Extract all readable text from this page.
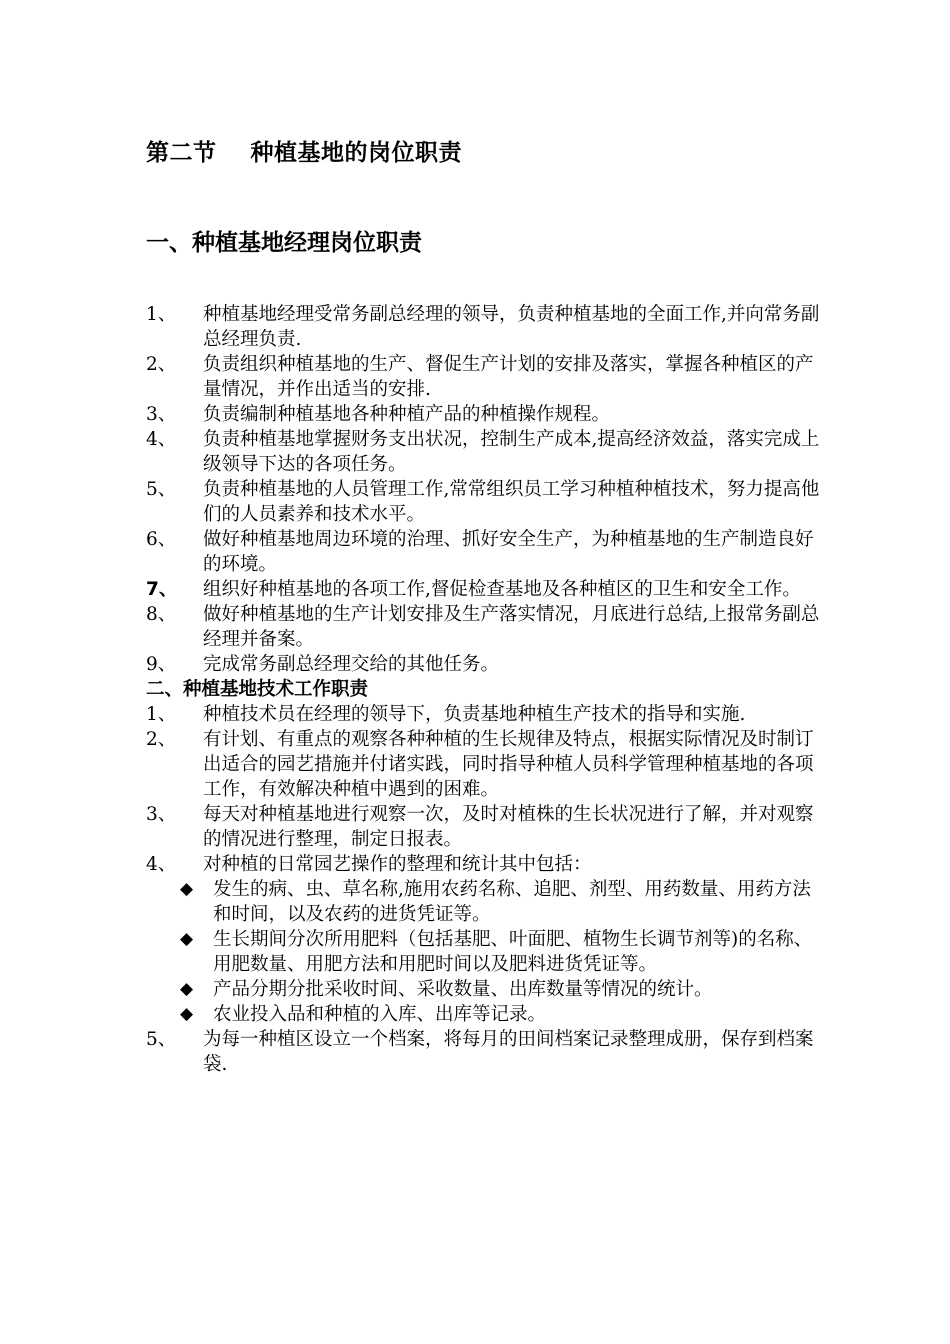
第二节    种植基地的岗位职责
一、种植基地经理岗位职责
1、 种植基地经理受常务副总经理的领导，负责种植基地的全面工作,并向常务副总经理负责.
2、 负责组织种植基地的生产、督促生产计划的安排及落实，掌握各种植区的产量情况，并作出适当的安排.
3、 负责编制种植基地各种种植产品的种植操作规程。
4、 负责种植基地掌握财务支出状况，控制生产成本,提高经济效益，落实完成上级领导下达的各项任务。
5、 负责种植基地的人员管理工作,常常组织员工学习种植种植技术，努力提高他们的人员素养和技术水平。
6、 做好种植基地周边环境的治理、抓好安全生产，为种植基地的生产制造良好的环境。
7、 组织好种植基地的各项工作,督促检查基地及各种植区的卫生和安全工作。
8、 做好种植基地的生产计划安排及生产落实情况，月底进行总结,上报常务副总经理并备案。
9、 完成常务副总经理交给的其他任务。
二、种植基地技术工作职责
1、 种植技术员在经理的领导下，负责基地种植生产技术的指导和实施.
2、 有计划、有重点的观察各种种植的生长规律及特点，根据实际情况及时制订出适合的园艺措施并付诸实践，同时指导种植人员科学管理种植基地的各项工作，有效解决种植中遇到的困难。
3、 每天对种植基地进行观察一次，及时对植株的生长状况进行了解，并对观察的情况进行整理，制定日报表。
4、 对种植的日常园艺操作的整理和统计其中包括：
◆ 发生的病、虫、草名称,施用农药名称、追肥、剂型、用药数量、用药方法和时间，以及农药的进货凭证等。
◆ 生长期间分次所用肥料（包括基肥、叶面肥、植物生长调节剂等)的名称、用肥数量、用肥方法和用肥时间以及肥料进货凭证等。
◆ 产品分期分批采收时间、采收数量、出库数量等情况的统计。
◆ 农业投入品和种植的入库、出库等记录。
5、 为每一种植区设立一个档案，将每月的田间档案记录整理成册，保存到档案袋.
